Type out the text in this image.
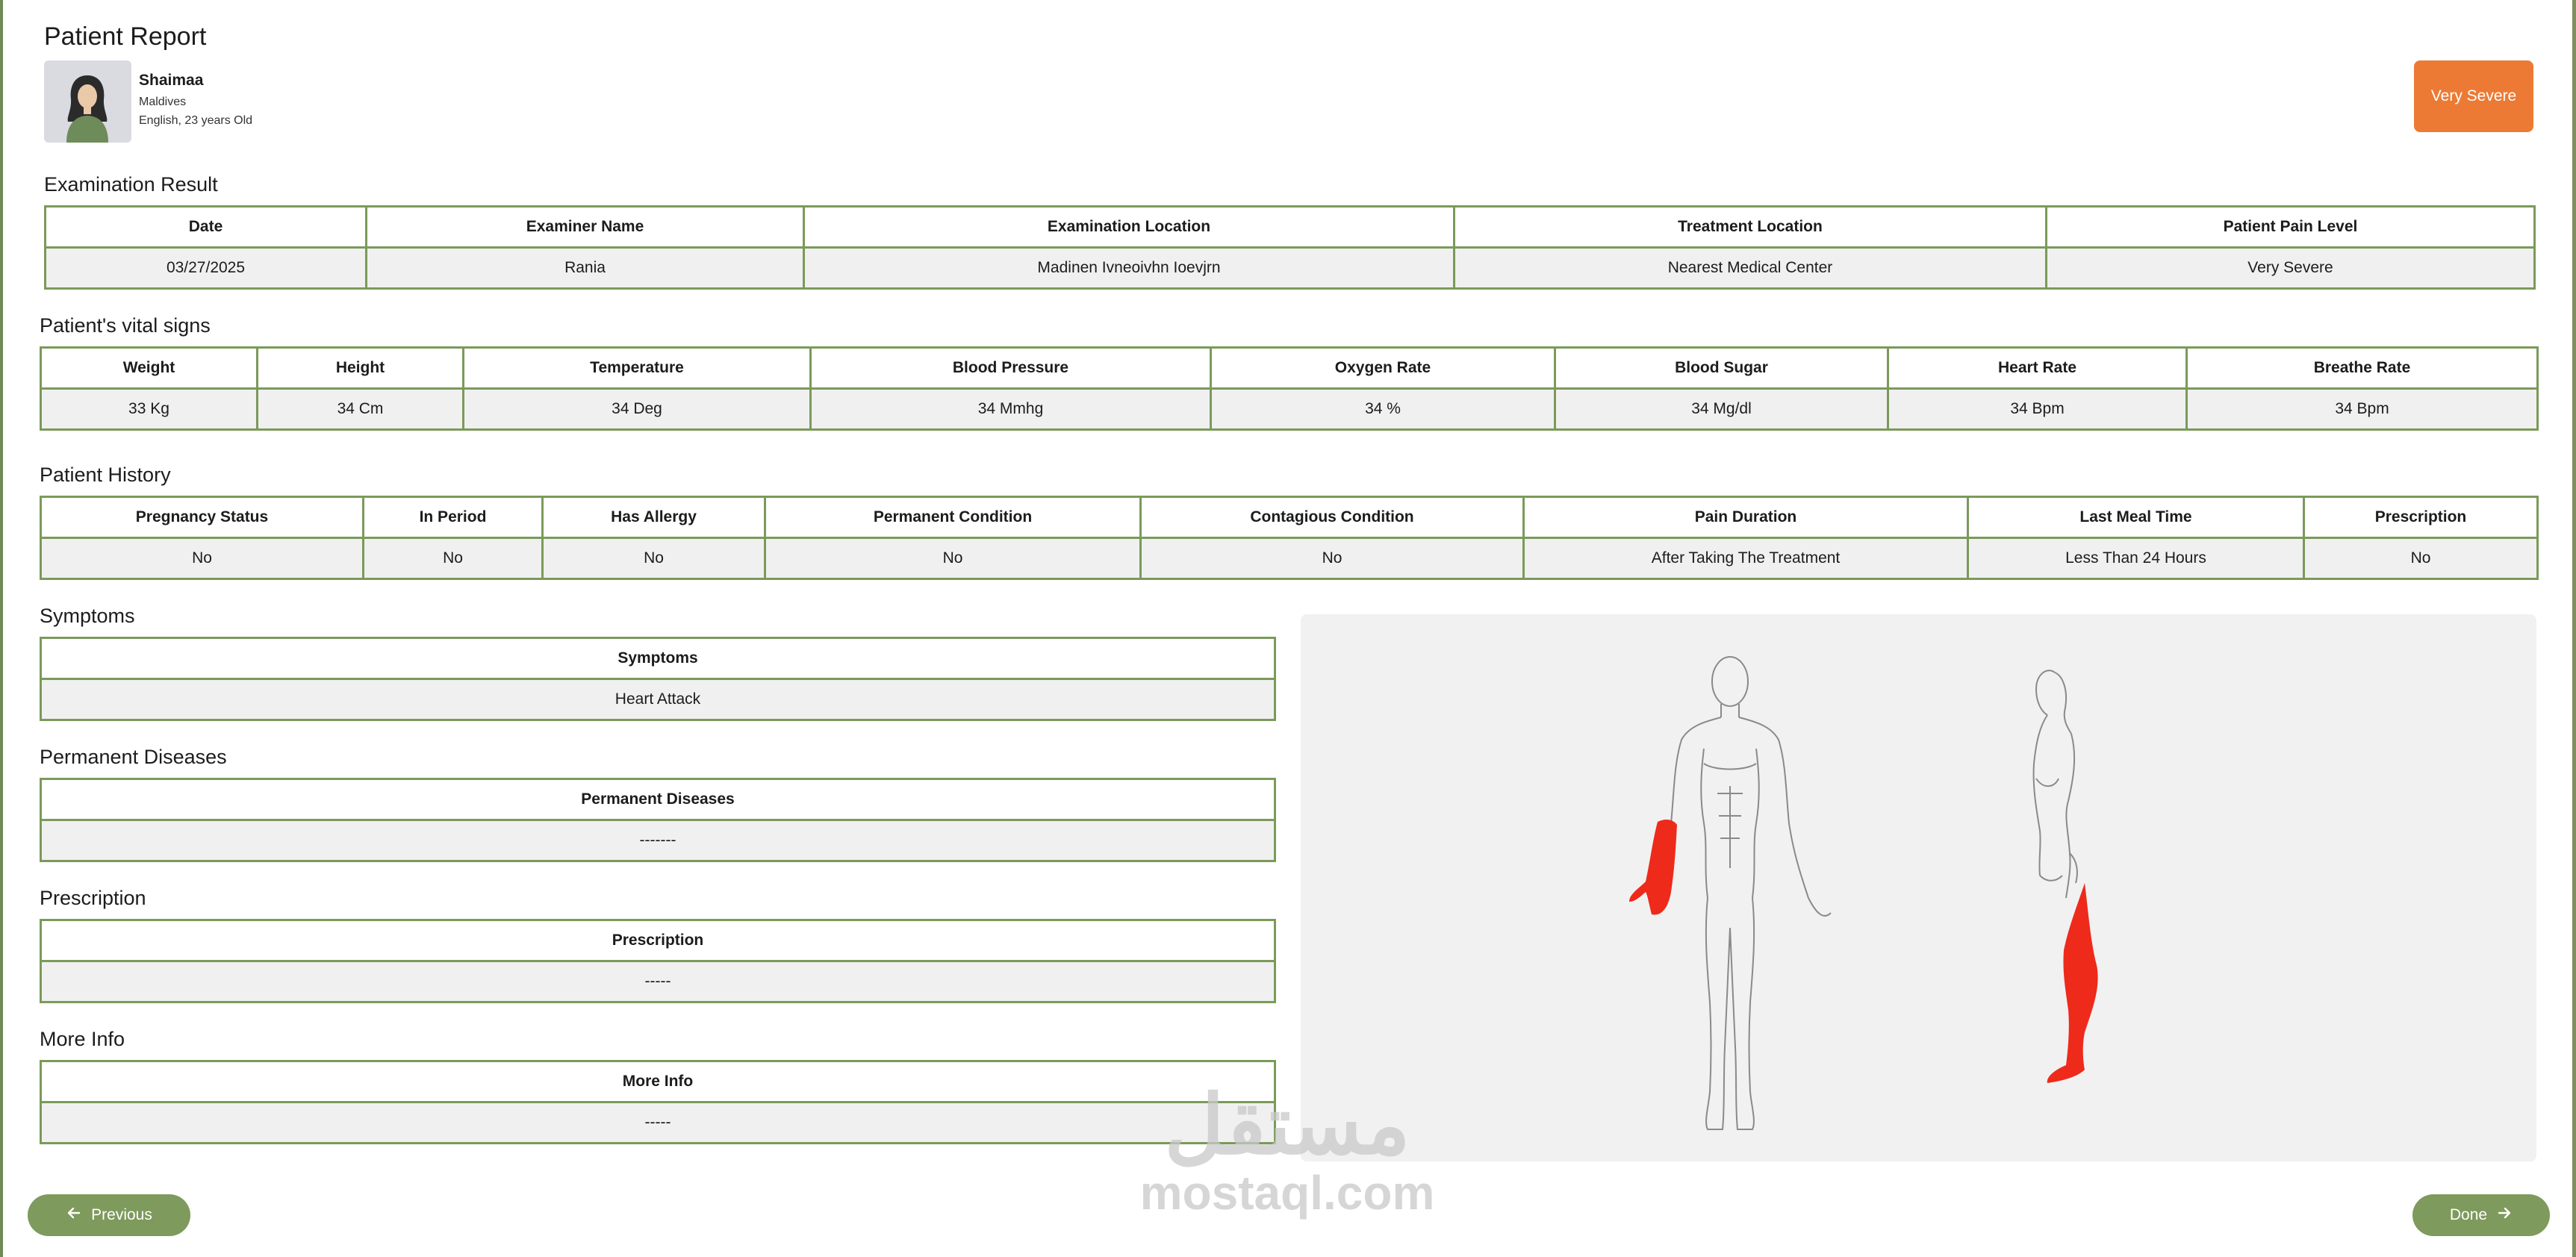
Patient Report
Shaimaa
Maldives
English, 23 years Old
Very Severe
Examination Result
Date	Examiner Name	Examination Location	Treatment Location	Patient Pain Level
03/27/2025	Rania	Madinen Ivneoivhn Ioevjrn	Nearest Medical Center	Very Severe
Patient's vital signs
Weight	Height	Temperature	Blood Pressure	Oxygen Rate	Blood Sugar	Heart Rate	Breathe Rate
33 Kg	34 Cm	34 Deg	34 Mmhg	34 %	34 Mg/dl	34 Bpm	34 Bpm
Patient History
Pregnancy Status	In Period	Has Allergy	Permanent Condition	Contagious Condition	Pain Duration	Last Meal Time	Prescription
No	No	No	No	No	After Taking The Treatment	Less Than 24 Hours	No
Symptoms
Symptoms
Heart Attack
Permanent Diseases
Permanent Diseases
-------
Prescription
Prescription
-----
More Info
More Info
-----	مستقل
mostaql.com
Previous	Done
